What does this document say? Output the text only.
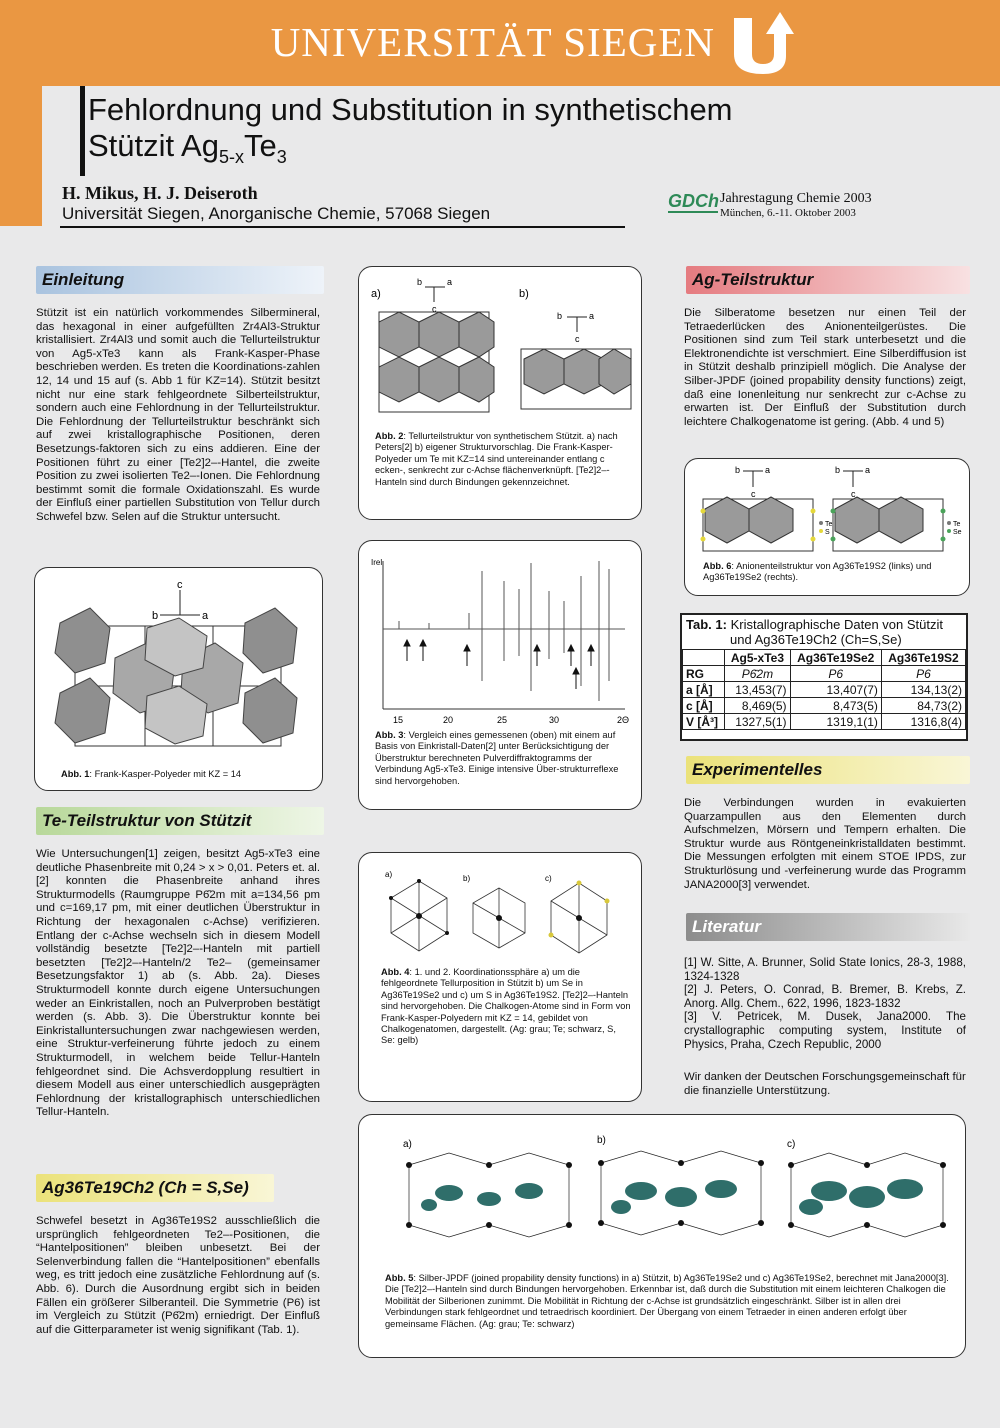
UNIVERSITÄT SIEGEN
Fehlordnung und Substitution in synthetischem
Stützit $Ag_{5-x}Te_3$
H. Mikus, H. J. Deiseroth
Universität Siegen, Anorganische Chemie, 57068 Siegen
GDCh Jahrestagung Chemie 2003
München, 6.-11. Oktober 2003
Einleitung
Stützit ist ein natürlich vorkommendes Silbermineral, das hexagonal in einer aufgefüllten Zr4Al3-Struktur kristallisiert. Zr4Al3 und somit auch die Tellurteilstruktur von Ag5-xTe3 kann als Frank-Kasper-Phase beschrieben werden. Es treten die Koordinations-zahlen 12, 14 und 15 auf (s. Abb 1 für KZ=14). Stützit besitzt nicht nur eine stark fehlgeordnete Silberteilstruktur, sondern auch eine Fehlordnung in der Tellurteilstruktur. Die Fehlordnung der Tellurteilstruktur beschränkt sich auf zwei kristallographische Positionen, deren Besetzungs-faktoren sich zu eins addieren. Eine der Positionen führt zu einer [Te2]2–-Hantel, die zweite Position zu zwei isolierten Te2–-Ionen. Die Fehlordnung bestimmt somit die formale Oxidationszahl. Es wurde der Einfluß einer partiellen Substitution von Tellur durch Schwefel bzw. Selen auf die Struktur untersucht.
c
b	a
Abb. 1: Frank-Kasper-Polyeder mit KZ = 14
Te-Teilstruktur von Stützit
Wie Untersuchungen[1] zeigen, besitzt Ag5-xTe3 eine deutliche Phasenbreite mit 0,24 > x > 0,01. Peters et. al.[2] konnten die Phasenbreite anhand ihres Strukturmodells (Raumgruppe P6̄2m mit a=134,56 pm und c=169,17 pm, mit einer deutlichen Überstruktur in Richtung der hexagonalen c-Achse) verifizieren. Entlang der c-Achse wechseln sich in diesem Modell vollständig besetzte [Te2]2–-Hanteln mit partiell besetzten [Te2]2–-Hanteln/2 Te2– (gemeinsamer Besetzungsfaktor 1) ab (s. Abb. 2a). Dieses Strukturmodell konnte durch eigene Untersuchungen weder an Einkristallen, noch an Pulverproben bestätigt werden (s. Abb. 3). Die Überstruktur konnte bei Einkristalluntersuchungen zwar nachgewiesen werden, eine Struktur-verfeinerung führte jedoch zu einem Strukturmodell, in welchem beide Tellur-Hanteln fehlgeordnet sind. Die Achsverdopplung resultiert in diesem Modell aus einer unterschiedlich ausgeprägten Fehlordnung der kristallographisch unterschiedlichen Tellur-Hanteln.
Ag36Te19Ch2 (Ch = S,Se)
Schwefel besetzt in Ag36Te19S2 ausschließlich die ursprünglich fehlgeordneten Te2–-Positionen, die “Hantelpositionen” bleiben unbesetzt. Bei der Selenverbindung fallen die “Hantelpositionen” ebenfalls weg, es tritt jedoch eine zusätzliche Fehlordnung auf (s. Abb. 6). Durch die Ausordnung ergibt sich in beiden Fällen ein größerer Silberanteil. Die Symmetrie (P6) ist im Vergleich zu Stützit (P6̄2m) erniedrigt. Der Einfluß auf die Gitterparameter ist wenig signifikant (Tab. 1).
a)	b)
b	a
c
b	a
c
Abb. 2: Tellurteilstruktur von synthetischem Stützit. a) nach Peters[2] b) eigener Strukturvorschlag. Die Frank-Kasper-Polyeder um Te mit KZ=14 sind untereinander entlang c ecken-, senkrecht zur c-Achse flächenverknüpft. [Te2]2–-Hanteln sind durch Bindungen gekennzeichnet.
Irel
15	20	25	30	2Θ
Abb. 3: Vergleich eines gemessenen (oben) mit einem auf Basis von Einkristall-Daten[2] unter Berücksichtigung der Überstruktur berechneten Pulverdiffraktogramms der Verbindung Ag5-xTe3. Einige intensive Über-strukturreflexe sind hervorgehoben.
a)	b)	c)
Abb. 4: 1. und 2. Koordinationssphäre a) um die fehlgeordnete Tellurposition in Stützit b) um Se in Ag36Te19Se2 und c) um S in Ag36Te19S2. [Te2]2–-Hanteln sind hervorgehoben. Die Chalkogen-Atome sind in Form von Frank-Kasper-Polyedern mit KZ = 14, gebildet von Chalkogenatomen, dargestellt. (Ag: grau; Te; schwarz, S, Se: gelb)
Ag-Teilstruktur
Die Silberatome besetzen nur einen Teil der Tetraederlücken des Anionenteilgerüstes. Die Positionen sind zum Teil stark unterbesetzt und die Elektronendichte ist verschmiert. Eine Silberdiffusion ist in Stützit deshalb prinzipiell möglich. Die Analyse der Silber-JPDF (joined propability density functions) zeigt, daß eine Ionenleitung nur senkrecht zur c-Achse zu erwarten ist. Der Einfluß der Substitution durch leichtere Chalkogenatome ist gering. (Abb. 4 und 5)
b	a
c
b	a
c
Te
S
Te
Se
Abb. 6: Anionenteilstruktur von Ag36Te19S2 (links) und Ag36Te19Se2 (rechts).
Tab. 1: Kristallographische Daten von Stützit
und Ag36Te19Ch2 (Ch=S,Se)
	Ag5-xTe3	Ag36Te19Se2	Ag36Te19S2
RG	P6̄2m	P6	P6
a [Å]	13,453(7)	13,407(7)	134,13(2)
c [Å]	8,469(5)	8,473(5)	84,73(2)
V [Å³]	1327,5(1)	1319,1(1)	1316,8(4)
Experimentelles
Die Verbindungen wurden in evakuierten Quarzampullen aus den Elementen durch Aufschmelzen, Mörsern und Tempern erhalten. Die Struktur wurde aus Röntgeneinkristalldaten bestimmt. Die Messungen erfolgten mit einem STOE IPDS, zur Strukturlösung und -verfeinerung wurde das Programm JANA2000[3] verwendet.
Literatur
[1] W. Sitte, A. Brunner, Solid State Ionics, 28-3, 1988, 1324-1328
[2] J. Peters, O. Conrad, B. Bremer, B. Krebs, Z. Anorg. Allg. Chem., 622, 1996, 1823-1832
[3] V. Petricek, M. Dusek, Jana2000. The crystallographic computing system, Institute of Physics, Praha, Czech Republic, 2000
Wir danken der Deutschen Forschungsgemeinschaft für die finanzielle Unterstützung.
a)	b)	c)
Abb. 5: Silber-JPDF (joined propability density functions) in a) Stützit, b) Ag36Te19Se2 und c) Ag36Te19Se2, berechnet mit Jana2000[3]. Die [Te2]2–-Hanteln sind durch Bindungen hervorgehoben. Erkennbar ist, daß durch die Substitution mit einem leichteren Chalkogen die Mobilität der Silberionen zunimmt. Die Mobilität in Richtung der c-Achse ist grundsätzlich eingeschränkt. Silber ist in allen drei Verbindungen stark fehlgeordnet und tetraedrisch koordiniert. Der Übergang von einem Tetraeder in einen anderen erfolgt über gemeinsame Flächen. (Ag: grau; Te: schwarz)
